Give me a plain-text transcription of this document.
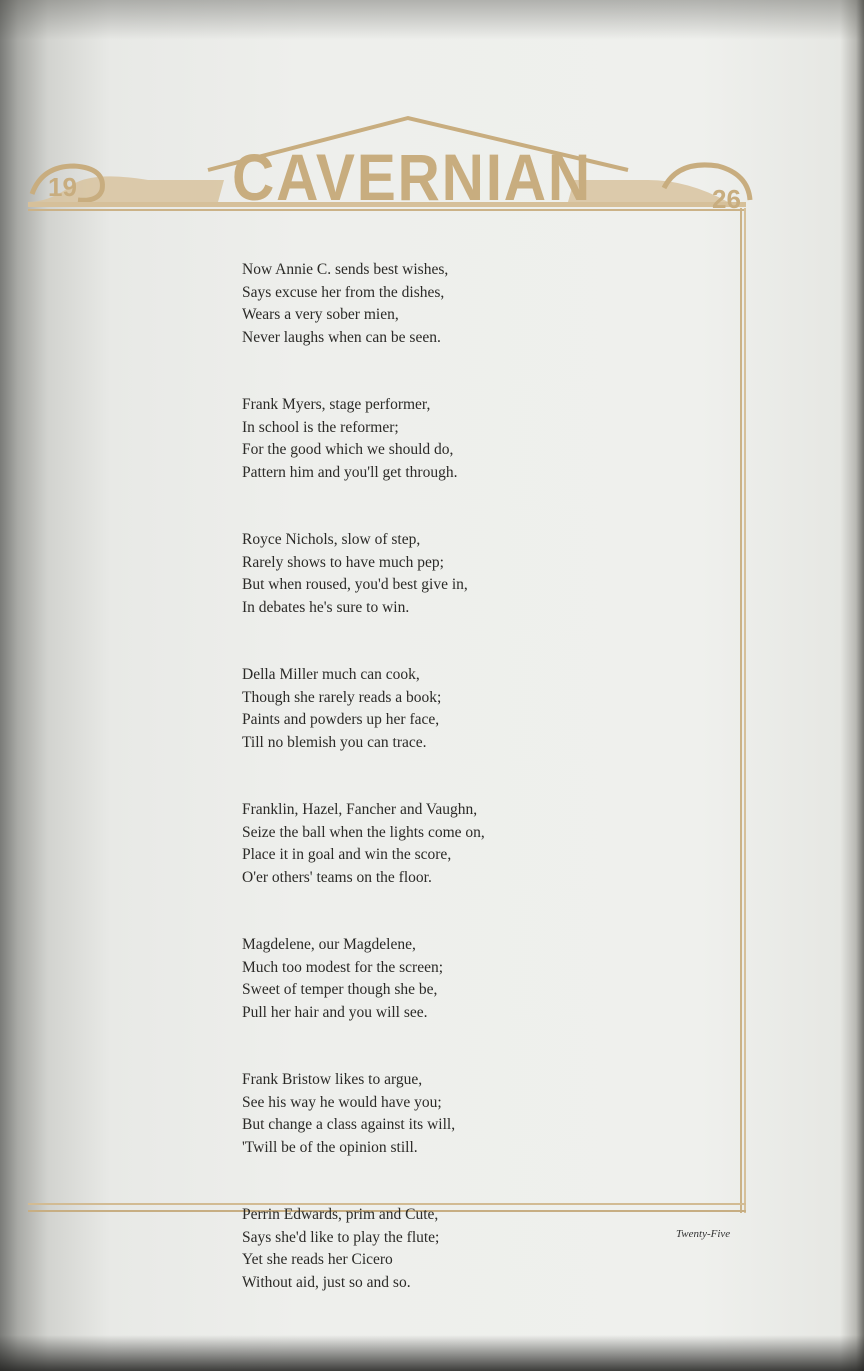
CAVERNIAN
19	26
Now Annie C. sends best wishes,
Says excuse her from the dishes,
Wears a very sober mien,
Never laughs when can be seen.
Frank Myers, stage performer,
In school is the reformer;
For the good which we should do,
Pattern him and you'll get through.
Royce Nichols, slow of step,
Rarely shows to have much pep;
But when roused, you'd best give in,
In debates he's sure to win.
Della Miller much can cook,
Though she rarely reads a book;
Paints and powders up her face,
Till no blemish you can trace.
Franklin, Hazel, Fancher and Vaughn,
Seize the ball when the lights come on,
Place it in goal and win the score,
O'er others' teams on the floor.
Magdelene, our Magdelene,
Much too modest for the screen;
Sweet of temper though she be,
Pull her hair and you will see.
Frank Bristow likes to argue,
See his way he would have you;
But change a class against its will,
'Twill be of the opinion still.
Perrin Edwards, prim and Cute,
Says she'd like to play the flute;
Yet she reads her Cicero
Without aid, just so and so.
Twenty-Five
